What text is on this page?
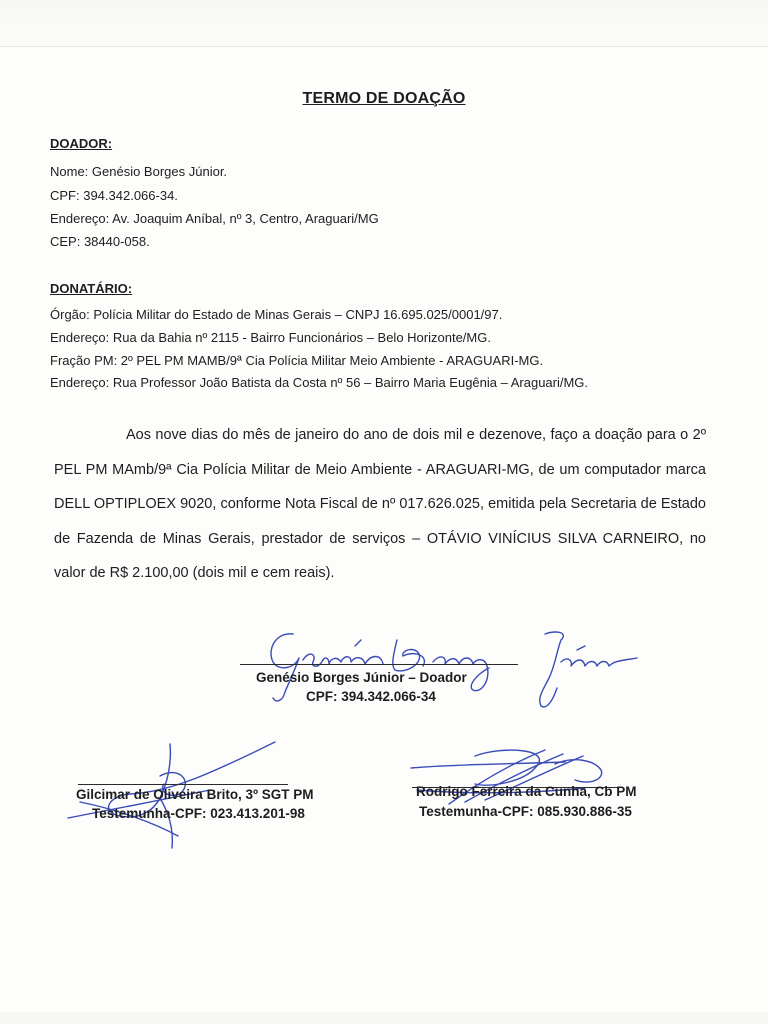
TERMO DE DOAÇÃO
DOADOR:
Nome: Genésio Borges Júnior.
CPF: 394.342.066-34.
Endereço: Av. Joaquim Aníbal, nº 3, Centro, Araguari/MG
CEP: 38440-058.
DONATÁRIO:
Órgão: Polícia Militar do Estado de Minas Gerais – CNPJ 16.695.025/0001/97.
Endereço: Rua da Bahia nº 2115 - Bairro Funcionários – Belo Horizonte/MG.
Fração PM: 2º PEL PM MAMB/9ª Cia Polícia Militar Meio Ambiente - ARAGUARI-MG.
Endereço: Rua Professor João Batista da Costa nº 56 – Bairro Maria Eugênia – Araguari/MG.
Aos nove dias do mês de janeiro do ano de dois mil e dezenove, faço a doação para o 2º PEL PM MAmb/9ª Cia Polícia Militar de Meio Ambiente - ARAGUARI-MG, de um computador marca DELL OPTIPLOEX 9020, conforme Nota Fiscal de nº 017.626.025, emitida pela Secretaria de Estado de Fazenda de Minas Gerais, prestador de serviços – OTÁVIO VINÍCIUS SILVA CARNEIRO, no valor de R$ 2.100,00 (dois mil e cem reais).
Genésio Borges Júnior – Doador
CPF: 394.342.066-34
Gilcimar de Oliveira Brito, 3º SGT PM
Testemunha-CPF: 023.413.201-98
Rodrigo Ferreira da Cunha, Cb PM
Testemunha-CPF: 085.930.886-35
